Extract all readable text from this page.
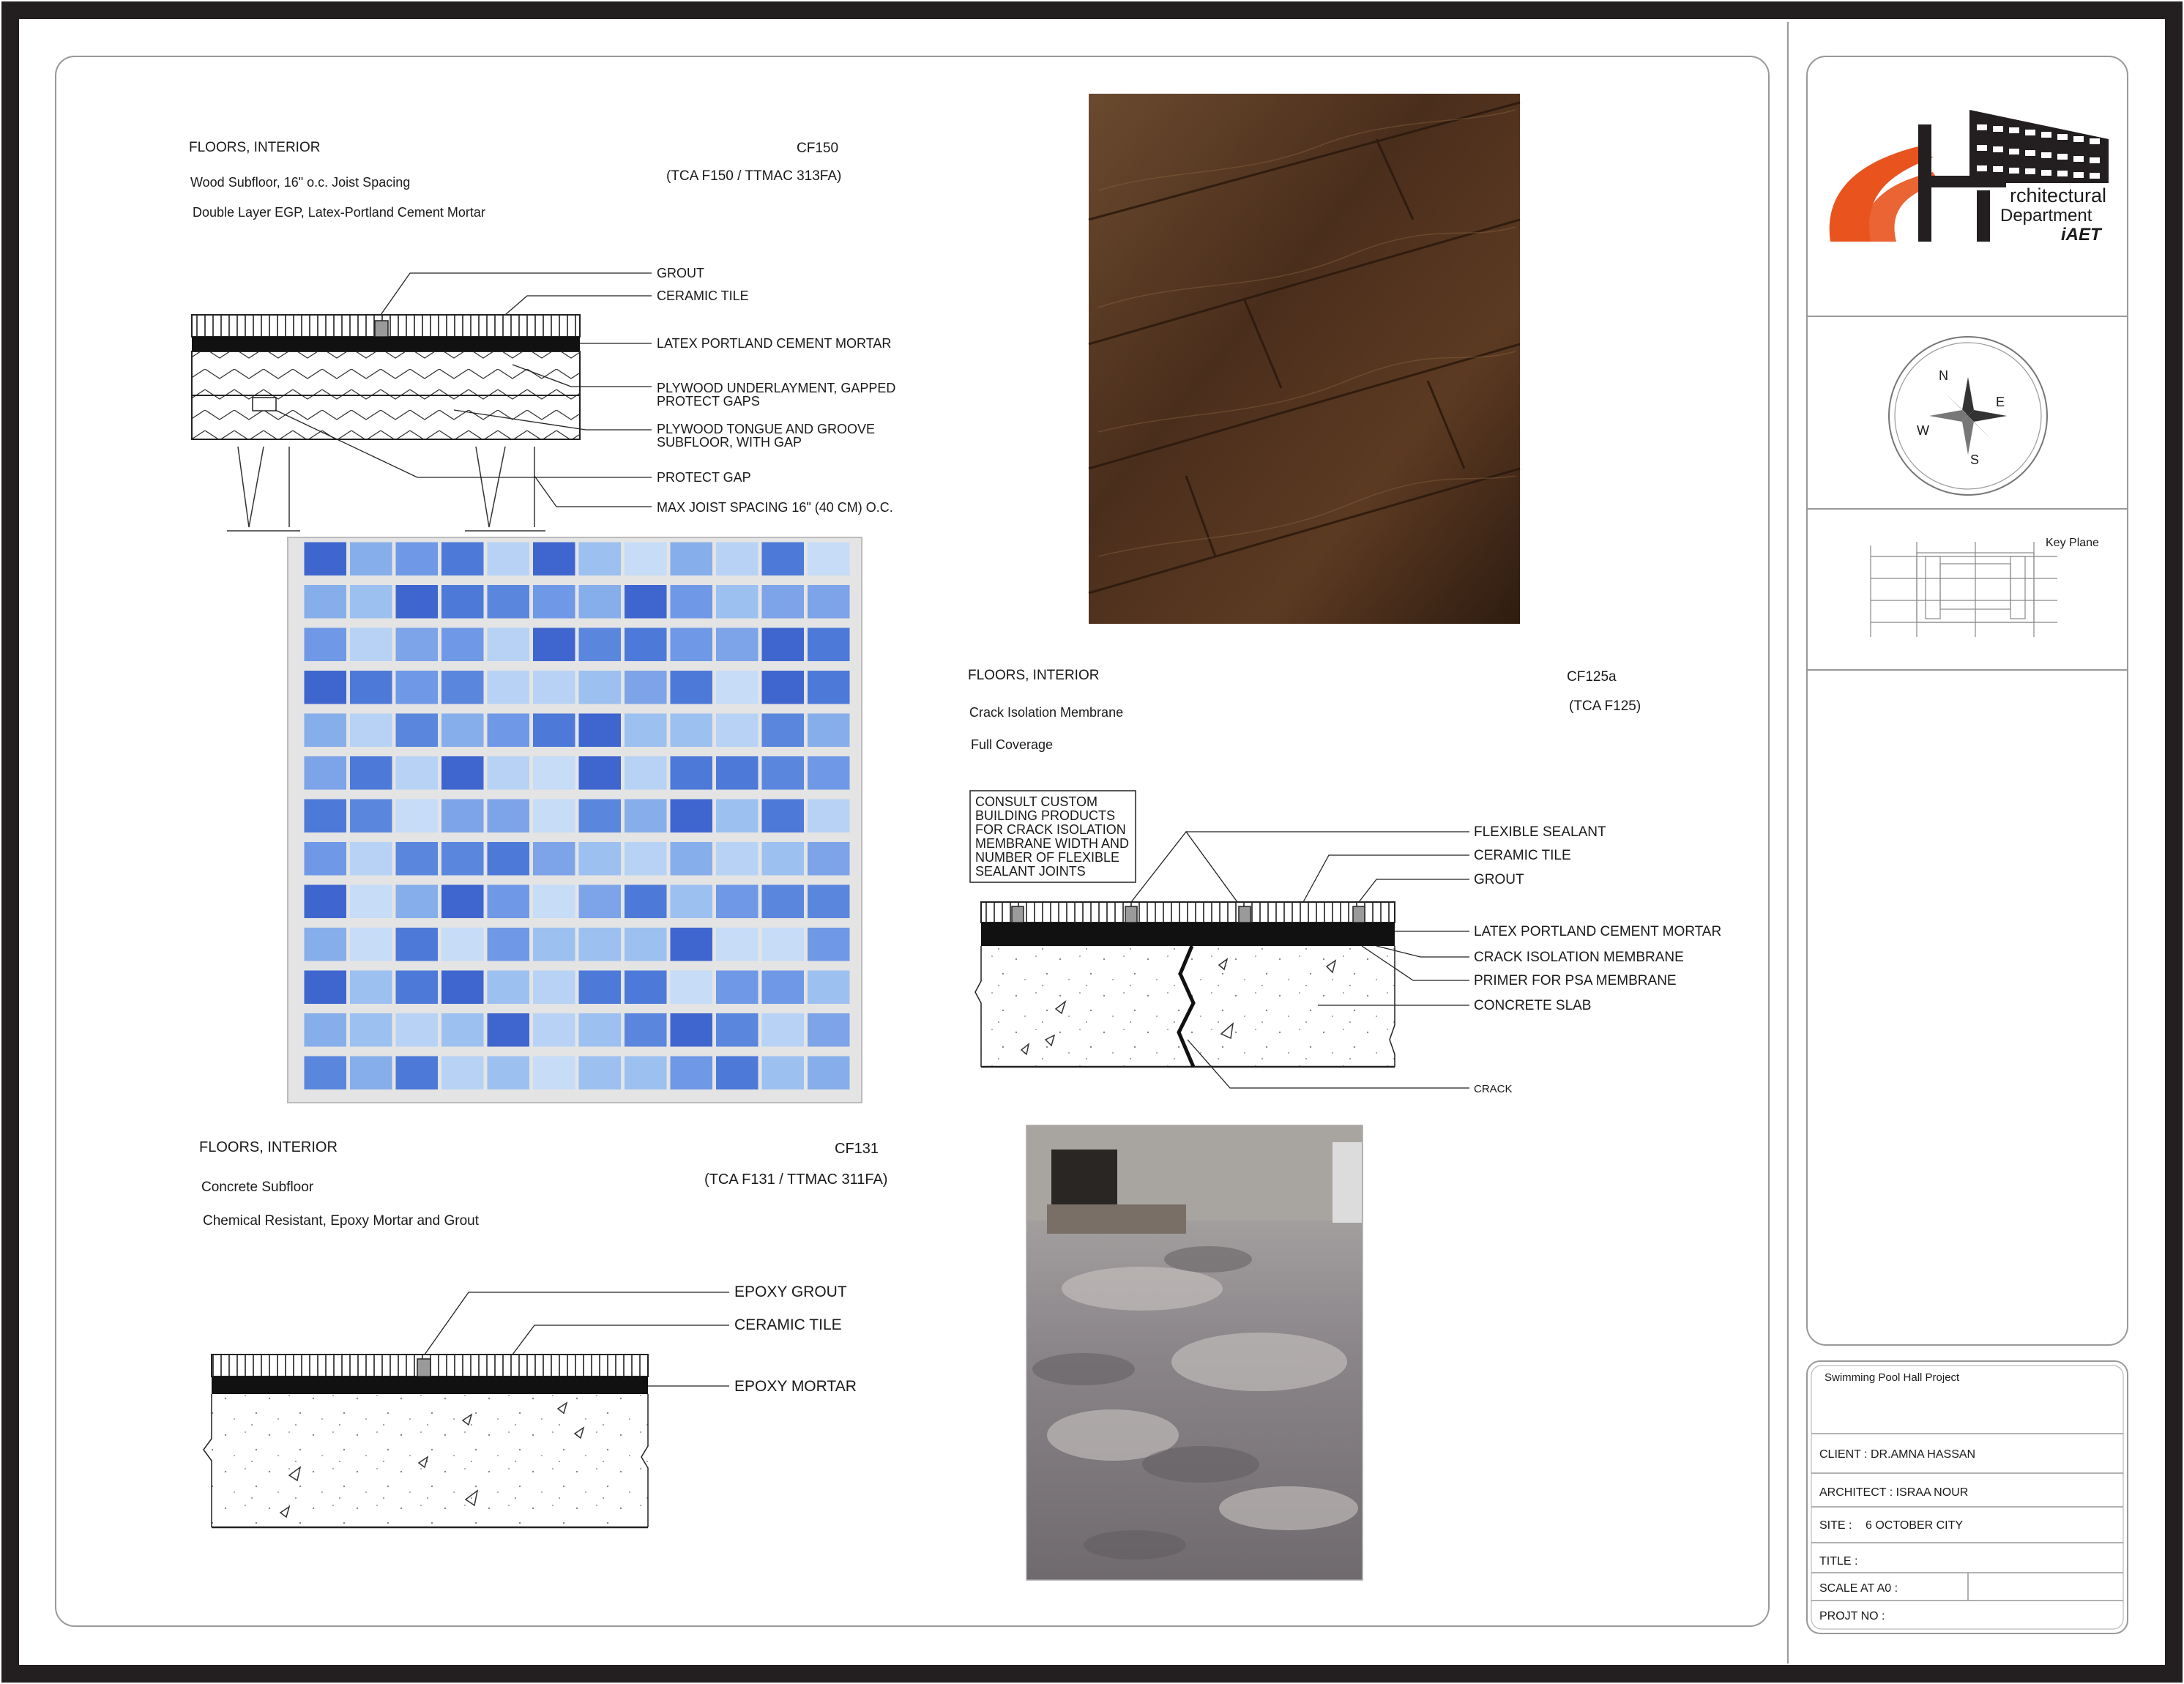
FLOORS, INTERIOR	CF150
(TCA F150 / TTMAC 313FA)
Wood Subfloor, 16" o.c. Joist Spacing
Double Layer EGP, Latex-Portland Cement Mortar
GROUT
CERAMIC TILE
LATEX PORTLAND CEMENT MORTAR
PLYWOOD UNDERLAYMENT, GAPPED
PROTECT GAPS
PLYWOOD TONGUE AND GROOVE
SUBFLOOR, WITH GAP
PROTECT GAP
MAX JOIST SPACING 16" (40 CM) O.C.
FLOORS, INTERIOR	CF125a
(TCA F125)
Crack Isolation Membrane
Full Coverage
CONSULT CUSTOM
BUILDING PRODUCTS
FOR CRACK ISOLATION
MEMBRANE WIDTH AND
NUMBER OF FLEXIBLE
SEALANT JOINTS
FLEXIBLE SEALANT
CERAMIC TILE
GROUT
LATEX PORTLAND CEMENT MORTAR
CRACK ISOLATION MEMBRANE
PRIMER FOR PSA MEMBRANE
CONCRETE SLAB
CRACK
FLOORS, INTERIOR	CF131
(TCA F131 / TTMAC 311FA)
Concrete Subfloor
Chemical Resistant, Epoxy Mortar and Grout
EPOXY GROUT
CERAMIC TILE
EPOXY MORTAR
rchitectural
Department
iAET
N
E
S
W
Key Plane
Swimming Pool Hall Project
CLIENT : DR.AMNA HASSAN
ARCHITECT : ISRAA NOUR
SITE : 6 OCTOBER CITY
TITLE :
SCALE AT A0 :
PROJT NO :
